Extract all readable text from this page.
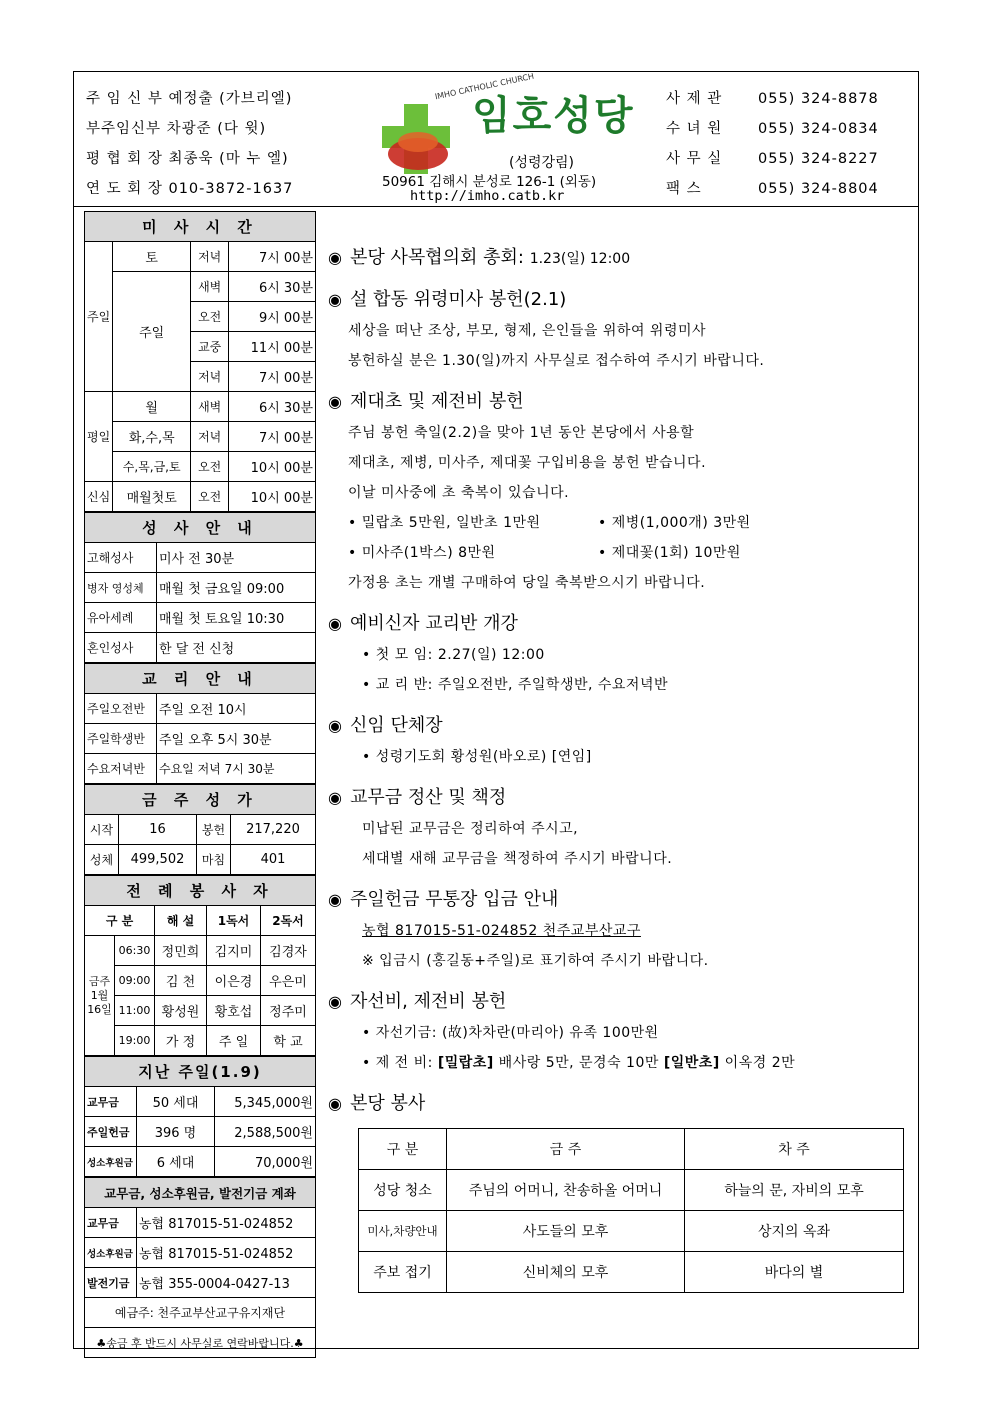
주 임 신 부 예정출 (가브리엘)
부주임신부 차광준 (다 윗)
평 협 회 장 최종욱 (마 누 엘)
연 도 회 장 010-3872-1637
IMHO CATHOLIC CHURCH
임호성당
(성령강림)
50961 김해시 분성로 126-1 (외동)
http://imho.catb.kr
사 제 관 055) 324-8878
수 녀 원 055) 324-0834
사 무 실 055) 324-8227
팩 스	055) 324-8804
미 사 시 간			
주일	토	저녁	7시 00분
	주일	새벽	6시 30분
		오전	9시 00분
		교중	11시 00분
		저녁	7시 00분
평일	월	새벽	6시 30분
	화,수,목	저녁	7시 00분
	수,목,금,토	오전	10시 00분
신심	매월첫토	오전	10시 00분
성 사 안 내	
고해성사	미사 전 30분
병자 영성체	매월 첫 금요일 09:00
유아세례	매월 첫 토요일 10:30
혼인성사	한 달 전 신청
교 리 안 내	
주일오전반	주일 오전 10시
주일학생반	주일 오후 5시 30분
수요저녁반	수요일 저녁 7시 30분
금 주 성 가			
시작	16	봉헌	217,220
성체	499,502	마침	401
전 례 봉 사 자				
구 분		해 설	1독서	2독서
금주 1월 16일	06:30	정민희	김지미	김경자
	09:00	김 천	이은경	우은미
	11:00	황성원	황호섭	정주미
	19:00	가 정	주 일	학 교
지난 주일(1.9)		
교무금	50 세대	5,345,000원
주일헌금	396 명	2,588,500원
성소후원금	6 세대	70,000원
교무금, 성소후원금, 발전기금 계좌	
교무금	농협 817015-51-024852
성소후원금	농협 817015-51-024852
발전기금	농협 355-0004-0427-13
예금주: 천주교부산교구유지재단	
♣송금 후 반드시 사무실로 연락바랍니다.♣	
◉ 본당 사목협의회 총회: 1.23(일) 12:00
◉ 설 합동 위령미사 봉헌(2.1)
세상을 떠난 조상, 부모, 형제, 은인들을 위하여 위령미사
봉헌하실 분은 1.30(일)까지 사무실로 접수하여 주시기 바랍니다.
◉ 제대초 및 제전비 봉헌
주님 봉헌 축일(2.2)을 맞아 1년 동안 본당에서 사용할
제대초, 제병, 미사주, 제대꽃 구입비용을 봉헌 받습니다.
이날 미사중에 초 축복이 있습니다.
• 밀랍초 5만원, 일반초 1만원	• 제병(1,000개) 3만원
• 미사주(1박스) 8만원	• 제대꽃(1회) 10만원
가정용 초는 개별 구매하여 당일 축복받으시기 바랍니다.
◉ 예비신자 교리반 개강
• 첫 모 임: 2.27(일) 12:00
• 교 리 반: 주일오전반, 주일학생반, 수요저녁반
◉ 신임 단체장
• 성령기도회 황성원(바오로) [연임]
◉ 교무금 정산 및 책정
미납된 교무금은 정리하여 주시고,
세대별 새해 교무금을 책정하여 주시기 바랍니다.
◉ 주일헌금 무통장 입금 안내
농협 817015-51-024852 천주교부산교구
※ 입금시 (홍길동+주일)로 표기하여 주시기 바랍니다.
◉ 자선비, 제전비 봉헌
• 자선기금: (故)차차란(마리아) 유족 100만원
• 제 전 비: [밀랍초] 배사랑 5만, 문경숙 10만 [일반초] 이옥경 2만
◉ 본당 봉사
구 분	금 주	차 주
성당 청소	주님의 어머니, 찬송하올 어머니	하늘의 문, 자비의 모후
미사,차량안내	사도들의 모후	상지의 옥좌
주보 접기	신비체의 모후	바다의 별
